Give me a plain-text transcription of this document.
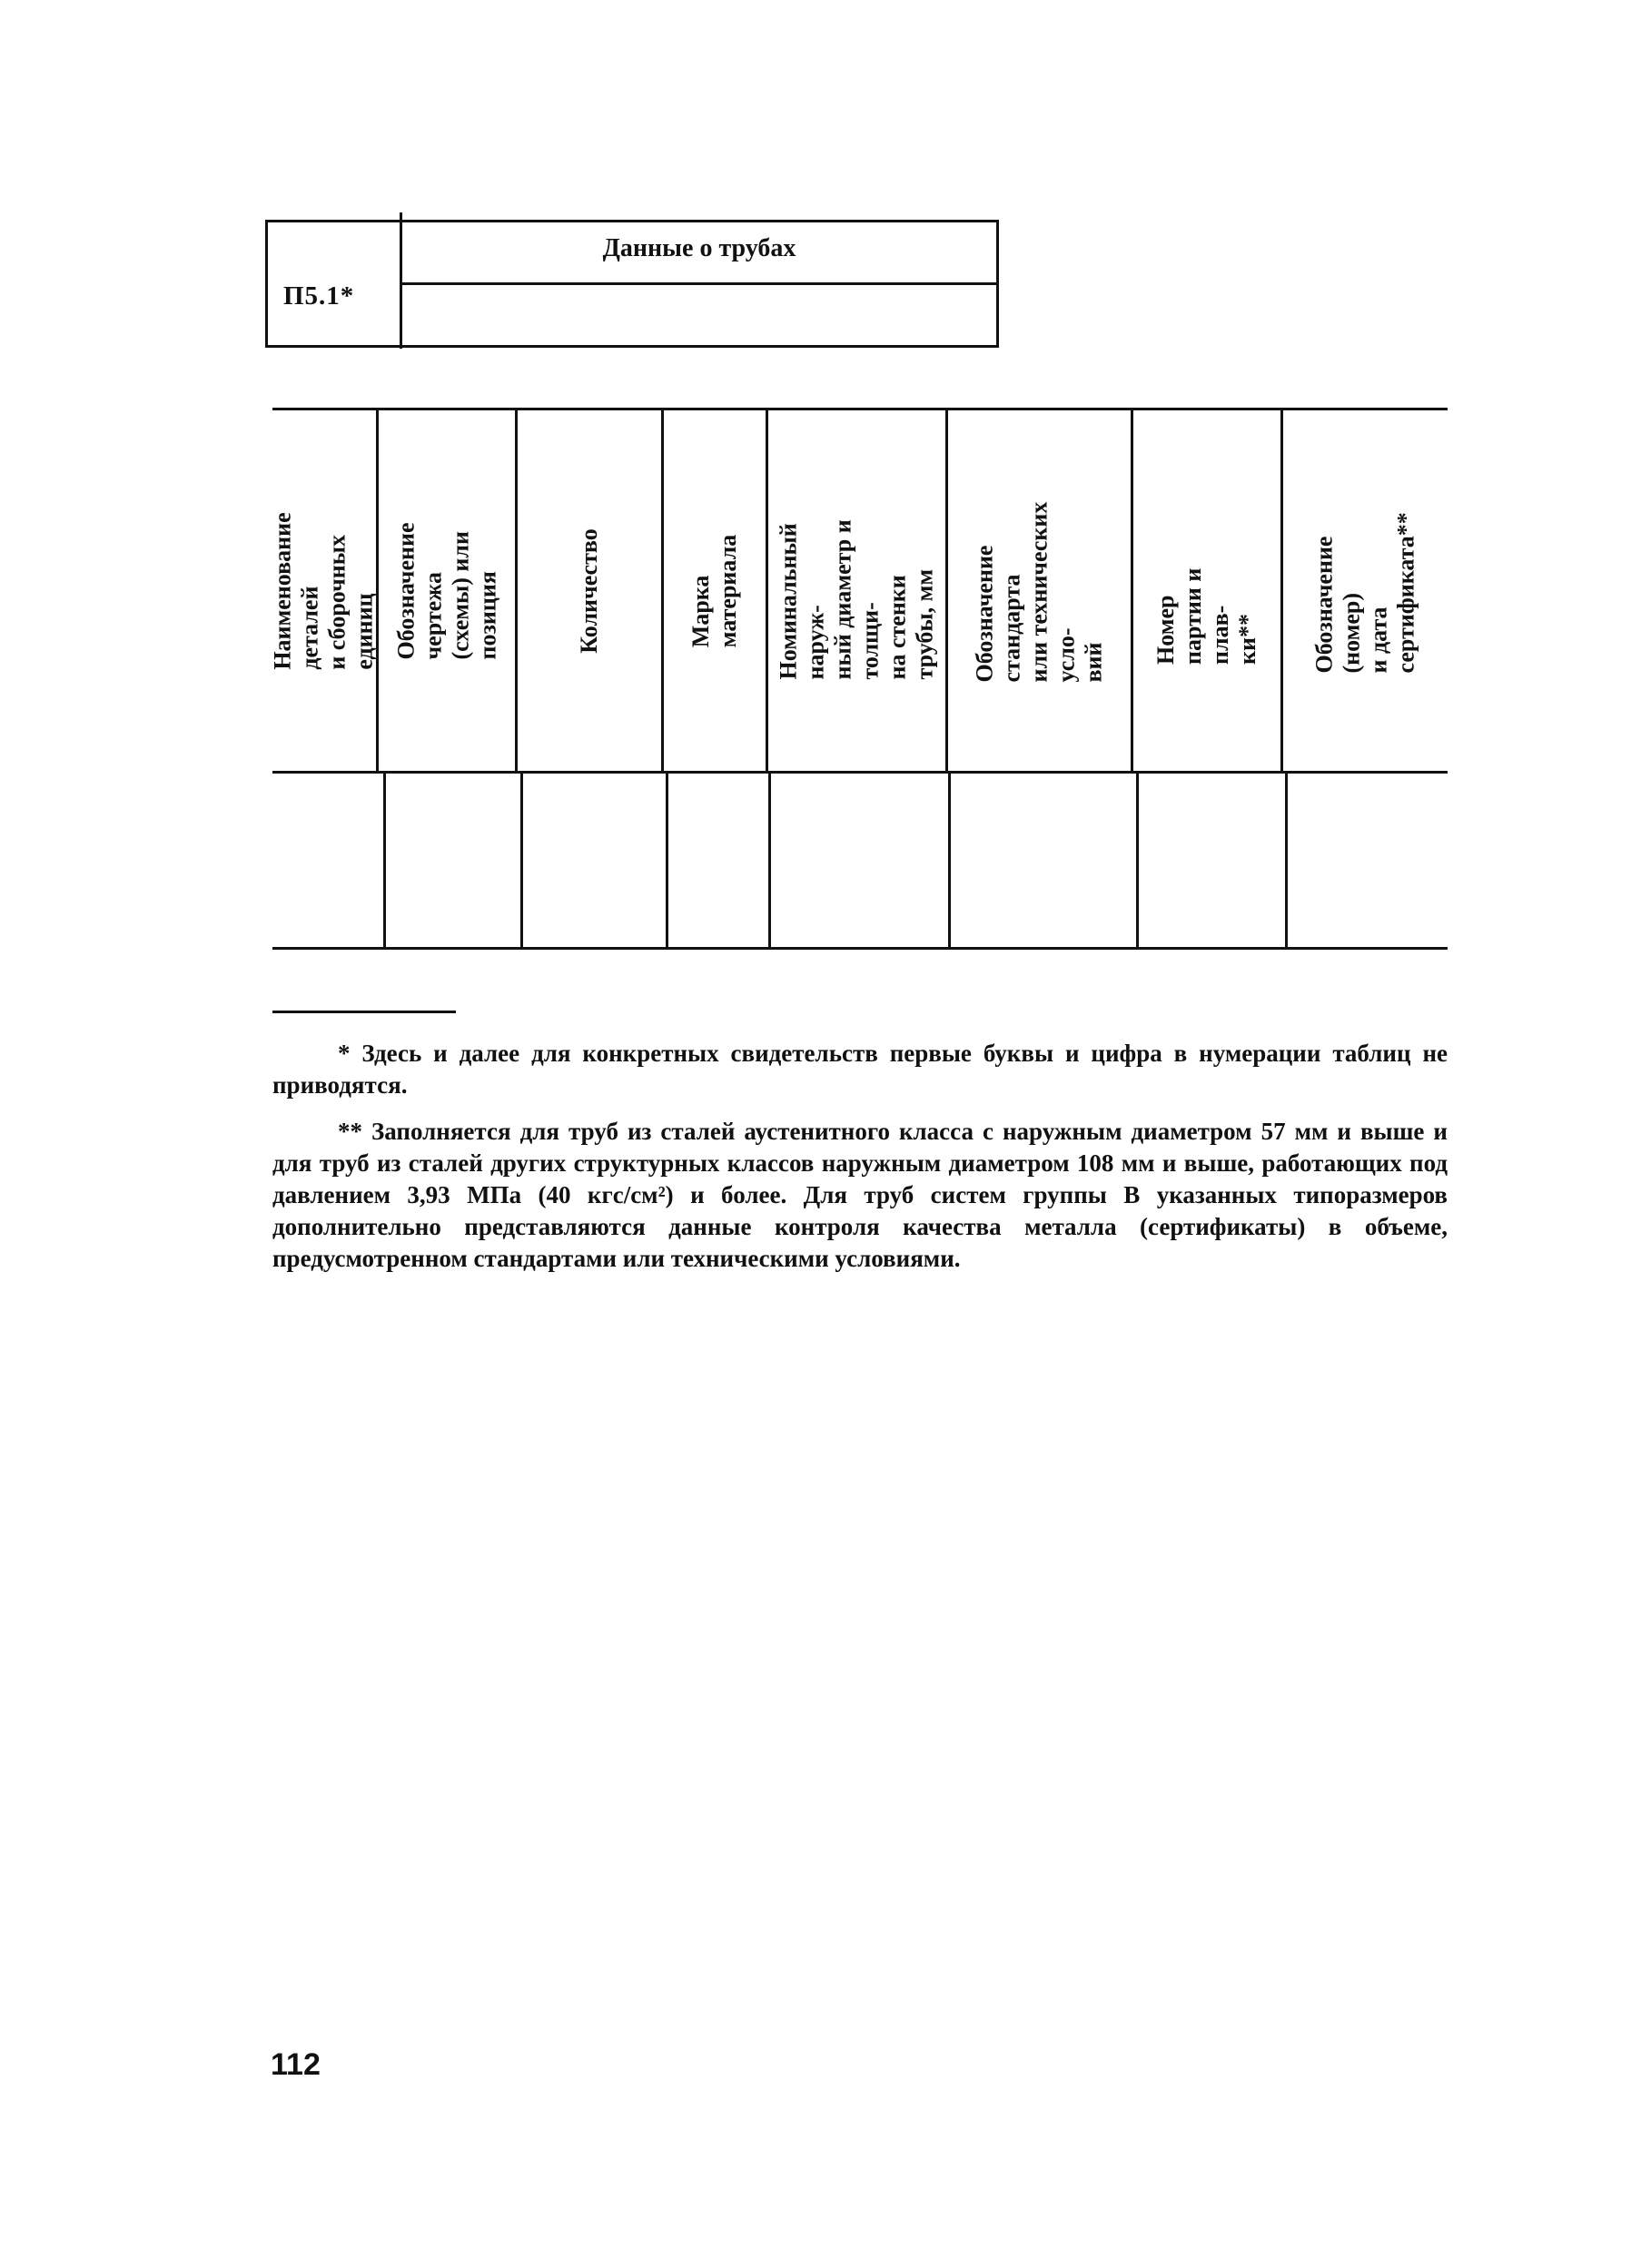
П5.1*
Данные о трубах
Наименование деталей
и сборочных единиц Обозначение чертежа
(схемы) или позиция	Количество	Марка материала Номинальный наруж-
ный диаметр и толщи-
на стенки трубы, мм Обозначение стандарта
или технических усло-
вий Номер партии и плав-
ки** Обозначение (номер)
и дата сертификата**
* Здесь и далее для конкретных свидетельств первые буквы и цифра в нумерации таблиц не приводятся.
** Заполняется для труб из сталей аустенитного класса с наружным диаметром 57 мм и выше и для труб из сталей других структурных классов наружным диаметром 108 мм и выше, работающих под давлением 3,93 МПа (40 кгс/см²) и более. Для труб систем группы В указанных типоразмеров дополнительно представляются данные контроля качества металла (сертификаты) в объеме, предусмотренном стандартами или техническими условиями.
112
